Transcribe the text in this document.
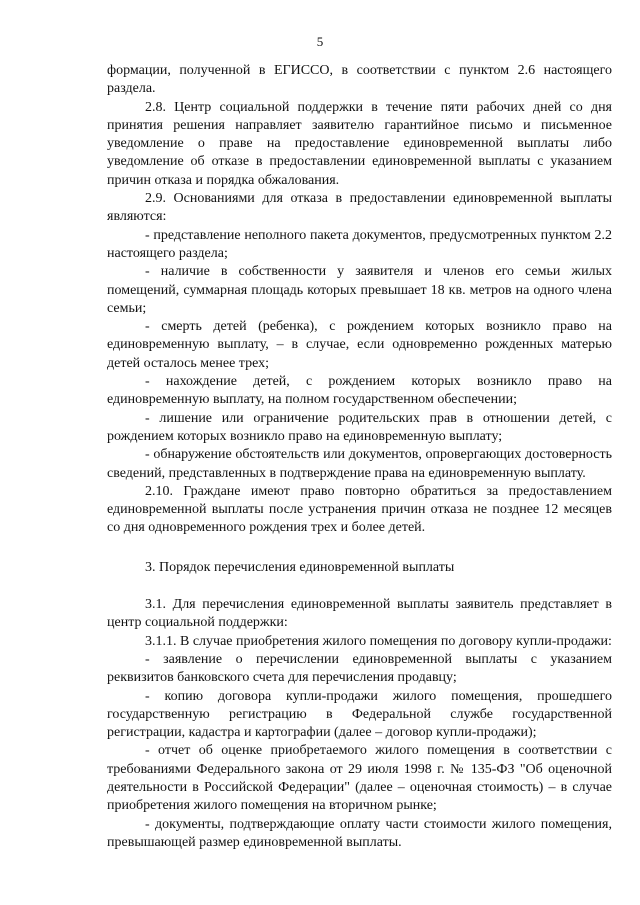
5

формации, полученной в ЕГИССО, в соответствии с пунктом 2.6 настоящего раздела.

2.8. Центр социальной поддержки в течение пяти рабочих дней со дня принятия решения направляет заявителю гарантийное письмо и письменное уведомление о праве на предоставление единовременной выплаты либо уведомление об отказе в предоставлении единовременной выплаты с указанием причин отказа и порядка обжалования.

2.9. Основаниями для отказа в предоставлении единовременной выплаты являются:

- представление неполного пакета документов, предусмотренных пунктом 2.2 настоящего раздела;

- наличие в собственности у заявителя и членов его семьи жилых помещений, суммарная площадь которых превышает 18 кв. метров на одного члена семьи;

- смерть детей (ребенка), с рождением которых возникло право на единовременную выплату, – в случае, если одновременно рожденных матерью детей осталось менее трех;

- нахождение детей, с рождением которых возникло право на единовременную выплату, на полном государственном обеспечении;

- лишение или ограничение родительских прав в отношении детей, с рождением которых возникло право на единовременную выплату;

- обнаружение обстоятельств или документов, опровергающих достоверность сведений, представленных в подтверждение права на единовременную выплату.

2.10. Граждане имеют право повторно обратиться за предоставлением единовременной выплаты после устранения причин отказа не позднее 12 месяцев со дня одновременного рождения трех и более детей.

3. Порядок перечисления единовременной выплаты

3.1. Для перечисления единовременной выплаты заявитель представляет в центр социальной поддержки:

3.1.1. В случае приобретения жилого помещения по договору купли-продажи:

- заявление о перечислении единовременной выплаты с указанием реквизитов банковского счета для перечисления продавцу;

- копию договора купли-продажи жилого помещения, прошедшего государственную регистрацию в Федеральной службе государственной регистрации, кадастра и картографии (далее – договор купли-продажи);

- отчет об оценке приобретаемого жилого помещения в соответствии с требованиями Федерального закона от 29 июля 1998 г. № 135-ФЗ "Об оценочной деятельности в Российской Федерации" (далее – оценочная стоимость) – в случае приобретения жилого помещения на вторичном рынке;

- документы, подтверждающие оплату части стоимости жилого помещения, превышающей размер единовременной выплаты.
